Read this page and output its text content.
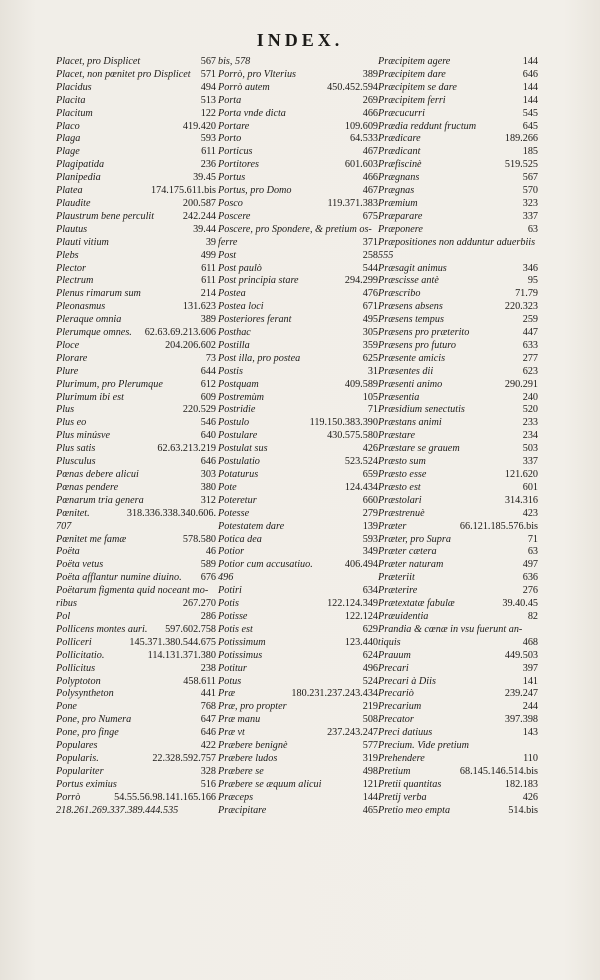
INDEX.
Placet, pro Displicet	567
Placet, non pœnitet pro Displicet 571
Placidus	494
Placita	513
Placitum	122
Placo	419.420
Plaga	593
Plage	611
Plagipatida	236
Planipedia	39.45
Platea	174.175.611.bis
Plaudite	200.587
Plaustrum bene perculit	242.244
Plautus	39.44
Plauti vitium	39
Plebs	499
Plector	611
Plectrum	611
Plenus rimarum sum	214
Pleonasmus	131.623
Pleraque omnia	389
Plerumque omnes. 62.63.69.213.606
Ploce	204.206.602
Plorare	73
Plure	644
Plurimum, pro Plerumque	612
Plurimum ibi est	609
Plus	220.529
Plus eo	546
Plus minúsve	640
Plus satis	62.63.213.219
Plusculus	646
Pœnas debere alicui	303
Pœnas pendere	380
Pœnarum tria genera	312
Pœnitet.	318.336.338.340.606.
707
Pœnitet me famæ	578.580
Poëta	46
Poëta vetus	589
Poëta afflantur numine diuino. 676
Poëtarum figmenta quid noceant mo-
ribus	267.270
Pol	286
Pollicens montes auri. 597.602.758
Polliceri	145.371.380.544.675
Pollicitatio.	114.131.371.380
Pollicitus	238
Polyptoton	458.611
Polysyntheton	441
Pone	768
Pone, pro Numera	647
Pone, pro finge	646
Populares	422
Popularis.	22.328.592.757
Populariter	328
Portus eximius	516
Porrò	54.55.56.98.141.165.166
218.261.269.337.389.444.535
bis, 578
Porrò, pro Vlterius	389
Porrò autem	450.452.594
Porta	269
Porta vnde dicta	466
Portare	109.609
Porto	64.533
Porticus	467
Portitores	601.603
Portus	466
Portus, pro Domo	467
Posco	119.371.383
Poscere	675
Poscere, pro Spondere, & pretium os-
ferre	371
Post	258
Post paulò	544
Post principia stare	294.299
Postea	476
Postea loci	671
Posteriores ferant	495
Posthac	305
Postilla	359
Post illa, pro postea	625
Postis	31
Postquam	409.589
Postremùm	105
Postridie	71
Postulo	119.150.383.390
Postulare	430.575.580
Postulat sus	426
Postulatio	523.524
Potaturus	659
Pote	124.434
Poteretur	660
Potesse	279
Potestatem dare	139
Potica dea	593
Potior	349
Potior cum accusatiuo.	406.494
496
Potiri	634
Potis	122.124.349
Potisse	122.124
Potis est	629
Potissimum	123.440
Potissimus	624
Potitur	496
Potus	524
Præ	180.231.237.243.434
Præ, pro propter	219
Præ manu	508
Præ vt	237.243.247
Præbere benignè	577
Præbere ludos	319
Præbere se	498
Præbere se æquum alicui	121
Præceps	144
Præcipitare	465
Præcipitem agere	144
Præcipitem dare	646
Præcipitem se dare	144
Præcipitem ferri	144
Præcucurri	545
Prædia reddunt fructum	645
Prædicare	189.266
Prædicant	185
Præfiscinè	519.525
Prægnans	567
Prægnas	570
Præmium	323
Præparare	337
Præponere	63
Præpositiones non adduntur aduerbiis
555
Præsagit animus	346
Præscisse antè	95
Præscribo	71.79
Præsens absens	220.323
Præsens tempus	259
Præsens pro præterito	447
Præsens pro futuro	633
Præsente amicis	277
Præsentes dii	623
Præsenti animo	290.291
Præsentia	240
Præsidium senectutis	520
Præstans animi	233
Præstare	234
Præstare se grauem	503
Præsto sum	337
Præsto esse	121.620
Præsto est	601
Præstolari	314.316
Præstrenuè	423
Præter	66.121.185.576.bis
Præter, pro Supra	71
Præter cætera	63
Præter naturam	497
Præteriit	636
Præterire	276
Prætextatæ fabulæ	39.40.45
Præuidentia	82
Prandia & cœnæ in vsu fuerunt an-
tiquis	468
Prauum	449.503
Precari	397
Precari à Diis	141
Precariò	239.247
Precarium	244
Precator	397.398
Preci datiuus	143
Precium. Vide pretium
Prehendere	110
Pretium	68.145.146.514.bis
Pretii quantitas	182.183
Pretij verba	426
Pretio meo empta	514.bis
